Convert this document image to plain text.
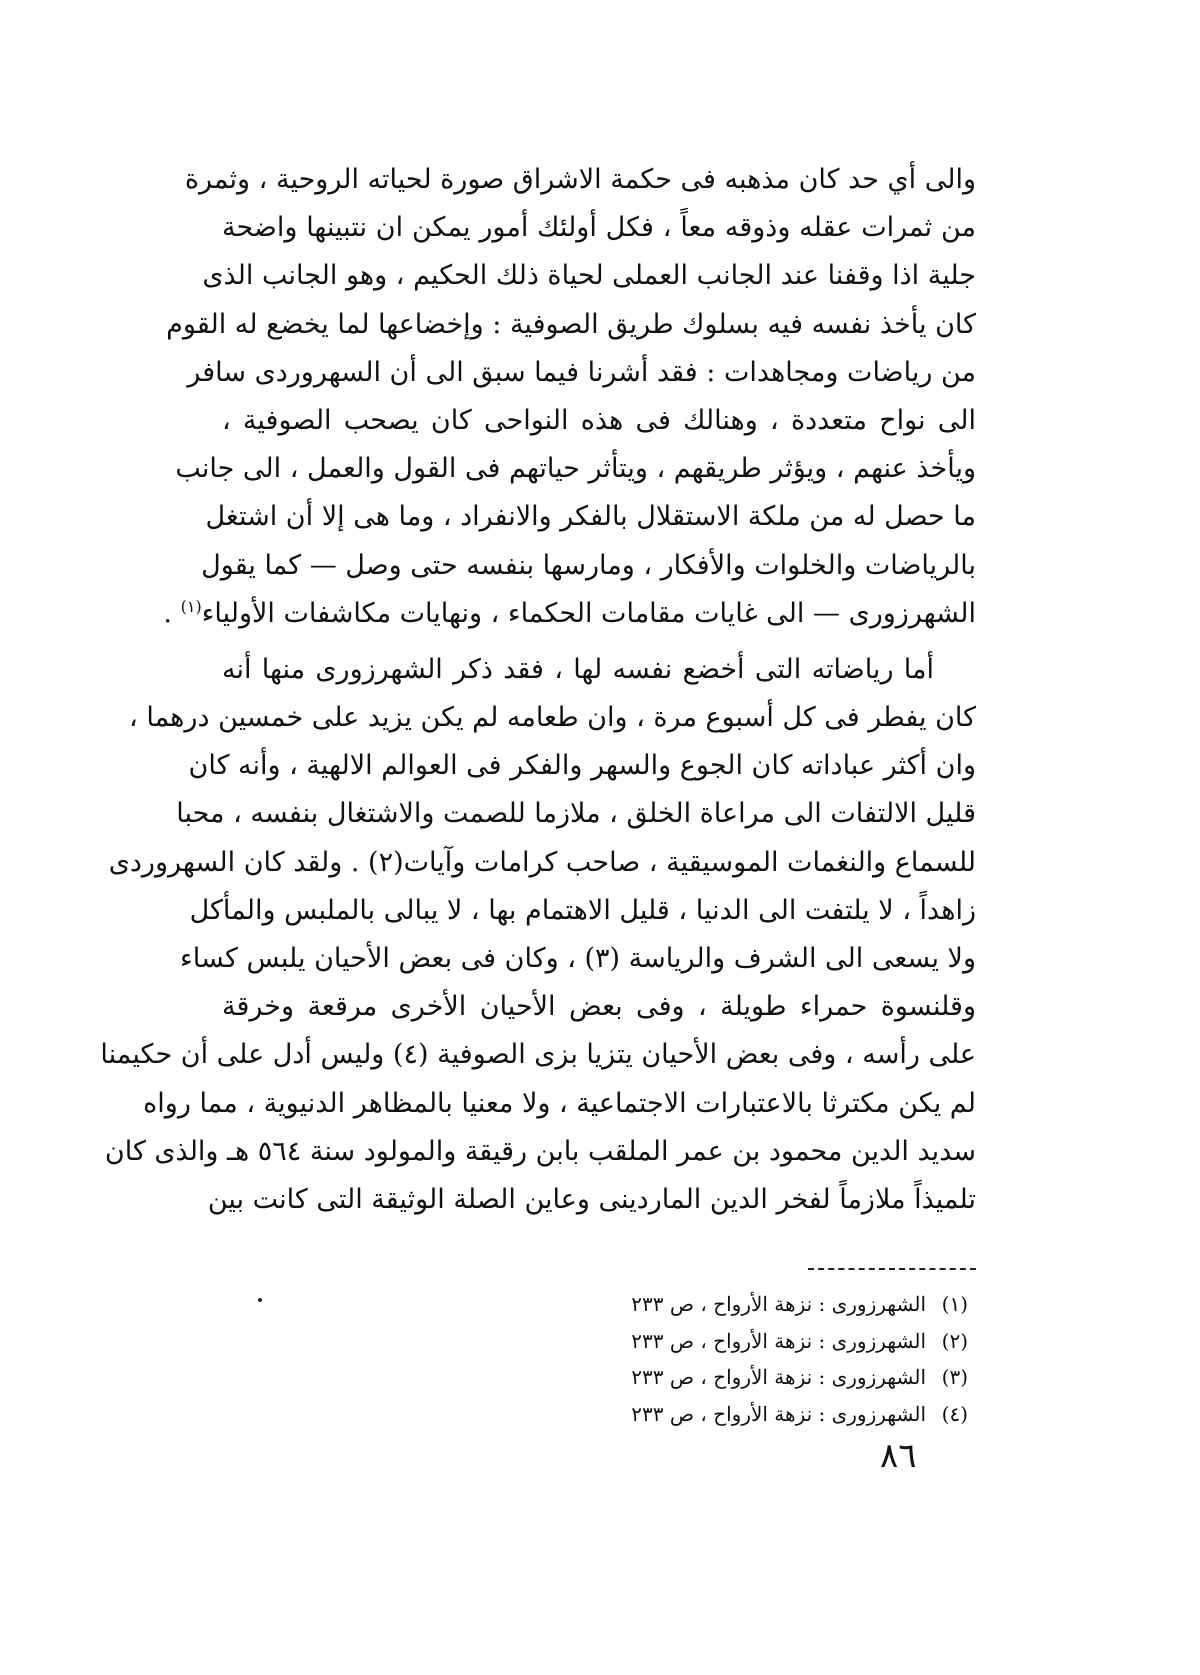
والى أي حد كان مذهبه فى حكمة الاشراق صورة لحياته الروحية ، وثمرة
من ثمرات عقله وذوقه معاً ، فكل أولئك أمور يمكن ان نتبينها واضحة
جلية اذا وقفنا عند الجانب العملى لحياة ذلك الحكيم ، وهو الجانب الذى
كان يأخذ نفسه فيه بسلوك طريق الصوفية : وإخضاعها لما يخضع له القوم
من رياضات ومجاهدات : فقد أشرنا فيما سبق الى أن السهروردى سافر
الى نواح متعددة ، وهنالك فى هذه النواحى كان يصحب الصوفية ،
ويأخذ عنهم ، ويؤثر طريقهم ، ويتأثر حياتهم فى القول والعمل ، الى جانب
ما حصل له من ملكة الاستقلال بالفكر والانفراد ، وما هى إلا أن اشتغل
بالرياضات والخلوات والأفكار ، ومارسها بنفسه حتى وصل — كما يقول
الشهرزورى — الى غايات مقامات الحكماء ، ونهايات مكاشفات الأولياء$^{(١)}$ .
أما رياضاته التى أخضع نفسه لها ، فقد ذكر الشهرزورى منها أنه
كان يفطر فى كل أسبوع مرة ، وان طعامه لم يكن يزيد على خمسين درهما ،
وان أكثر عباداته كان الجوع والسهر والفكر فى العوالم الالهية ، وأنه كان
قليل الالتفات الى مراعاة الخلق ، ملازما للصمت والاشتغال بنفسه ، محبا
للسماع والنغمات الموسيقية ، صاحب كرامات وآيات(٢) . ولقد كان السهروردى
زاهداً ، لا يلتفت الى الدنيا ، قليل الاهتمام بها ، لا يبالى بالملبس والمأكل
ولا يسعى الى الشرف والرياسة (٣) ، وكان فى بعض الأحيان يلبس كساء
وقلنسوة حمراء طويلة ، وفى بعض الأحيان الأخرى مرقعة وخرقة
على رأسه ، وفى بعض الأحيان يتزيا بزى الصوفية (٤) وليس أدل على أن حكيمنا
لم يكن مكترثا بالاعتبارات الاجتماعية ، ولا معنيا بالمظاهر الدنيوية ، مما رواه
سديد الدين محمود بن عمر الملقب بابن رقيقة والمولود سنة ٥٦٤ هـ والذى كان
تلميذاً ملازماً لفخر الدين الماردينى وعاين الصلة الوثيقة التى كانت بين
(١)الشهرزورى : نزهة الأرواح ، ص ٢٣٣
(٢)الشهرزورى : نزهة الأرواح ، ص ٢٣٣
(٣)الشهرزورى : نزهة الأرواح ، ص ٢٣٣
(٤)الشهرزورى : نزهة الأرواح ، ص ٢٣٣
٨٦
